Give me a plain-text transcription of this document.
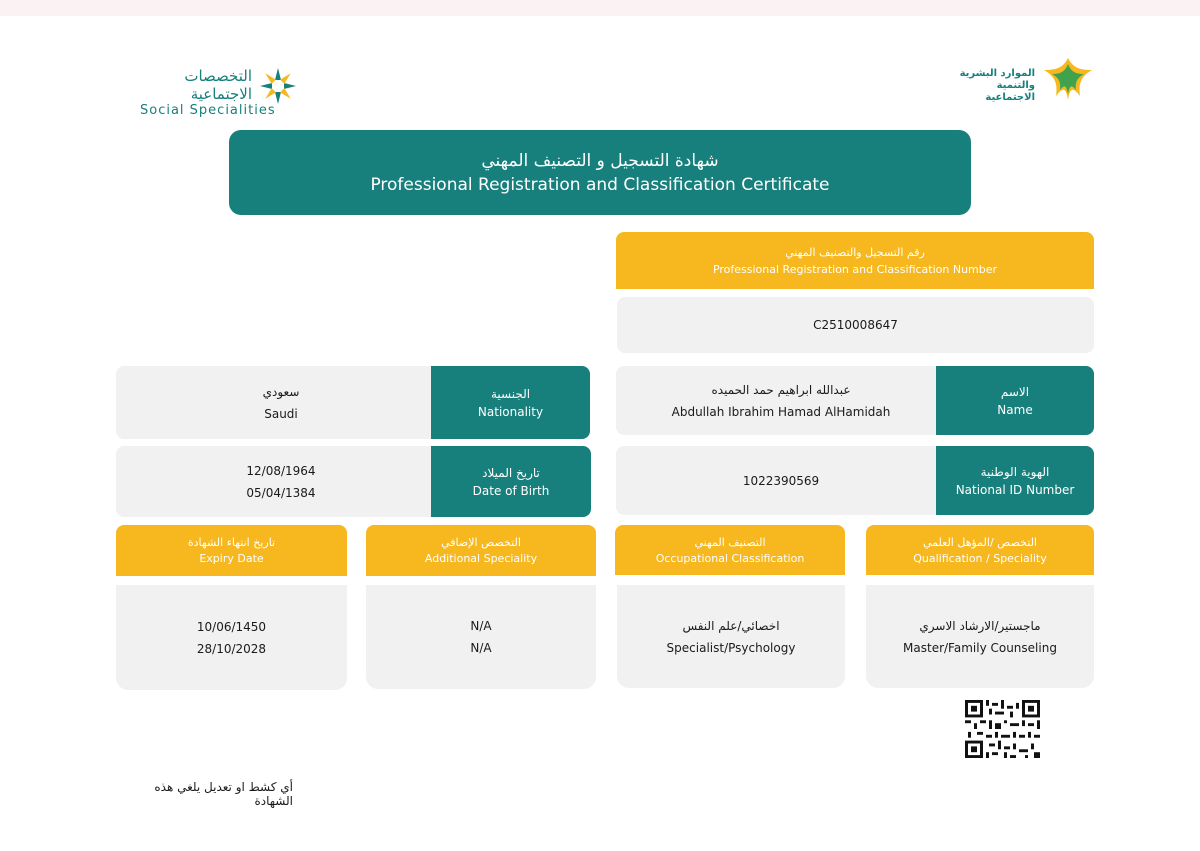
التخصصات الاجتماعية
Social Specialities
الموارد البشرية
والتنمية الاجتماعية
شهادة التسجيل و التصنيف المهني
Professional Registration and Classification Certificate
رقم التسجيل والتصنيف المهني
Professional Registration and Classification Number
C2510008647
عبدالله ابراهيم حمد الحميده
Abdullah Ibrahim Hamad AlHamidah
الاسم
Name
سعودي
Saudi
الجنسية
Nationality
1022390569
الهوية الوطنية
National ID Number
12/08/1964
05/04/1384
تاريخ الميلاد
Date of Birth
التخصص /المؤهل العلمي
Qualification / Speciality
ماجستير/الارشاد الاسري
Master/Family Counseling
التصنيف المهني
Occupational Classification
اخصائي/علم النفس
Specialist/Psychology
التخصص الإضافي
Additional Speciality
N/A
N/A
تاريخ انتهاء الشهادة
Expiry Date
10/06/1450
28/10/2028
أي كشط او تعديل يلغي هذه الشهادة
